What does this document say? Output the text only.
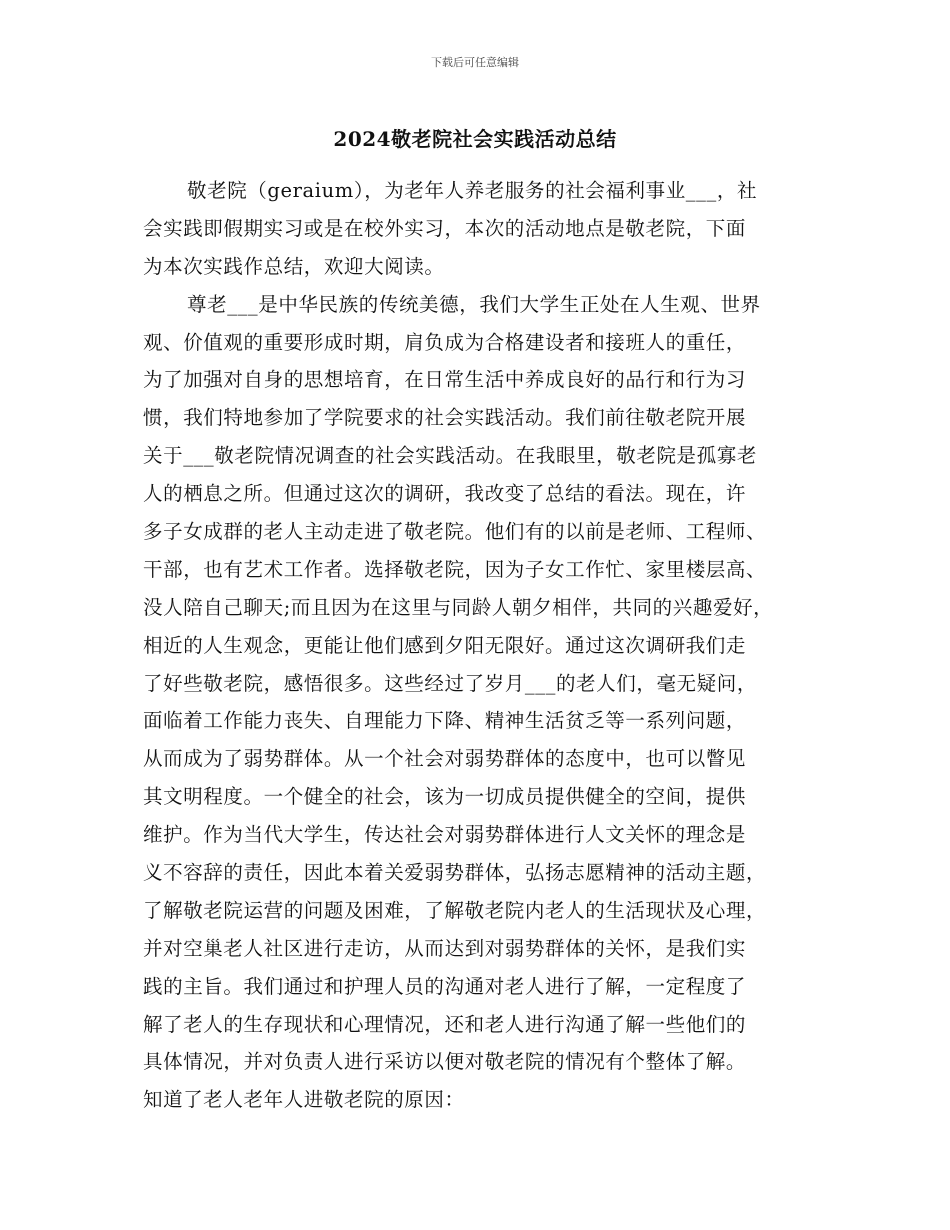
下载后可任意编辑
2024敬老院社会实践活动总结
敬老院（geraium），为老年人养老服务的社会福利事业___，社
会实践即假期实习或是在校外实习，本次的活动地点是敬老院，下面
为本次实践作总结，欢迎大阅读。
尊老___是中华民族的传统美德，我们大学生正处在人生观、世界
观、价值观的重要形成时期，肩负成为合格建设者和接班人的重任，
为了加强对自身的思想培育，在日常生活中养成良好的品行和行为习
惯，我们特地参加了学院要求的社会实践活动。我们前往敬老院开展
关于___敬老院情况调查的社会实践活动。在我眼里，敬老院是孤寡老
人的栖息之所。但通过这次的调研，我改变了总结的看法。现在，许
多子女成群的老人主动走进了敬老院。他们有的以前是老师、工程师、
干部，也有艺术工作者。选择敬老院，因为子女工作忙、家里楼层高、
没人陪自己聊天;而且因为在这里与同龄人朝夕相伴，共同的兴趣爱好，
相近的人生观念，更能让他们感到夕阳无限好。通过这次调研我们走
了好些敬老院，感悟很多。这些经过了岁月___的老人们，毫无疑问，
面临着工作能力丧失、自理能力下降、精神生活贫乏等一系列问题，
从而成为了弱势群体。从一个社会对弱势群体的态度中，也可以瞥见
其文明程度。一个健全的社会，该为一切成员提供健全的空间，提供
维护。作为当代大学生，传达社会对弱势群体进行人文关怀的理念是
义不容辞的责任，因此本着关爱弱势群体，弘扬志愿精神的活动主题，
了解敬老院运营的问题及困难，了解敬老院内老人的生活现状及心理，
并对空巢老人社区进行走访，从而达到对弱势群体的关怀，是我们实
践的主旨。我们通过和护理人员的沟通对老人进行了解，一定程度了
解了老人的生存现状和心理情况，还和老人进行沟通了解一些他们的
具体情况，并对负责人进行采访以便对敬老院的情况有个整体了解。
知道了老人老年人进敬老院的原因：
